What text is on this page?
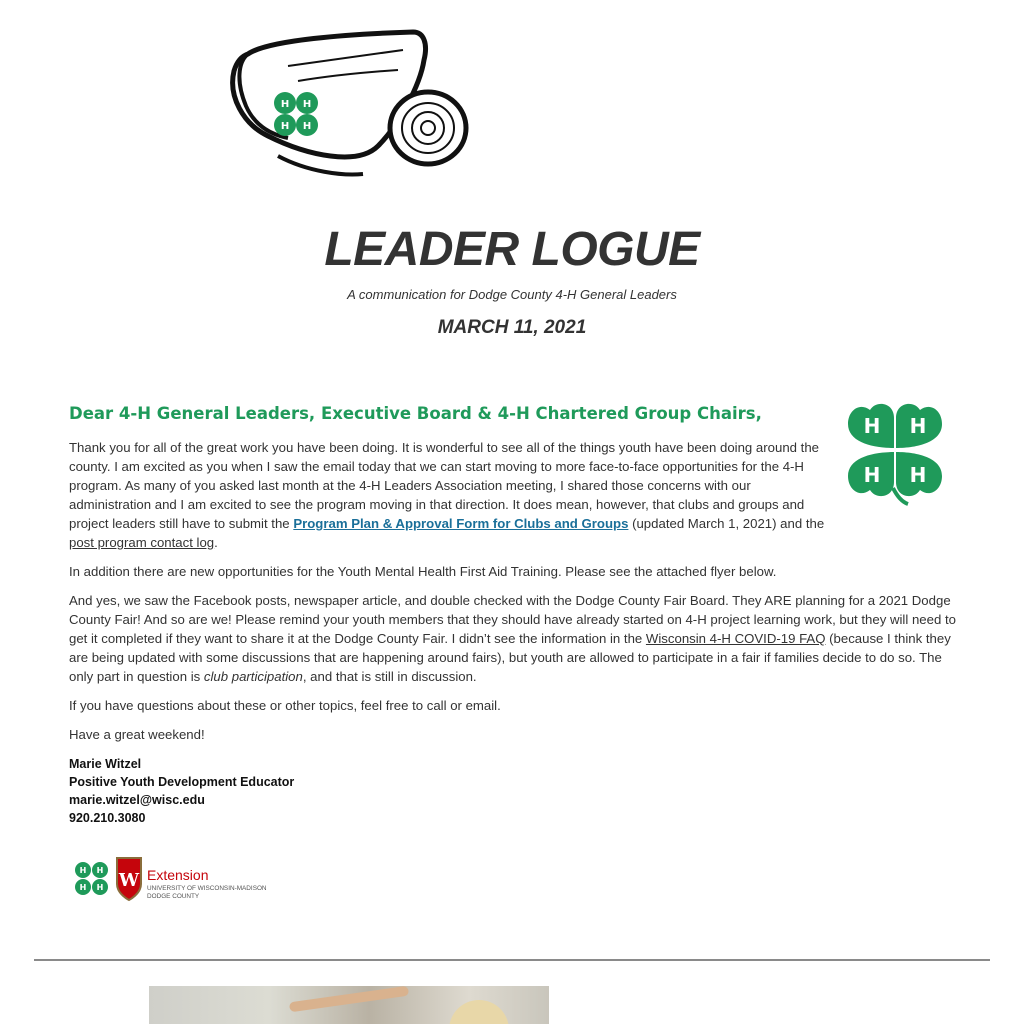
H H
H H
LEADER LOGUE

A communication for Dodge County 4-H General Leaders

MARCH 11, 2021

Dear 4-H General Leaders, Executive Board & 4-H Chartered Group Chairs,
H H
H H

Thank you for all of the great work you have been doing. It is wonderful to see all of the things youth have been doing around the county. I am excited as you when I saw the email today that we can start moving to more face-to-face opportunities for the 4-H program. As many of you asked last month at the 4-H Leaders Association meeting, I shared those concerns with our administration and I am excited to see the program moving in that direction. It does mean, however, that clubs and groups and project leaders still have to submit the Program Plan & Approval Form for Clubs and Groups (updated March 1, 2021) and the post program contact log.

In addition there are new opportunities for the Youth Mental Health First Aid Training. Please see the attached flyer below.

And yes, we saw the Facebook posts, newspaper article, and double checked with the Dodge County Fair Board. They ARE planning for a 2021 Dodge County Fair! And so are we! Please remind your youth members that they should have already started on 4-H project learning work, but they will need to get it completed if they want to share it at the Dodge County Fair. I didn’t see the information in the Wisconsin 4-H COVID-19 FAQ (because I think they are being updated with some discussions that are happening around fairs), but youth are allowed to participate in a fair if families decide to do so. The only part in question is club participation, and that is still in discussion.

If you have questions about these or other topics, feel free to call or email.

Have a great weekend!

Marie Witzel
Positive Youth Development Educator
marie.witzel@wisc.edu
920.210.3080
H H
H H W Extension
UNIVERSITY OF WISCONSIN-MADISON
DODGE COUNTY
